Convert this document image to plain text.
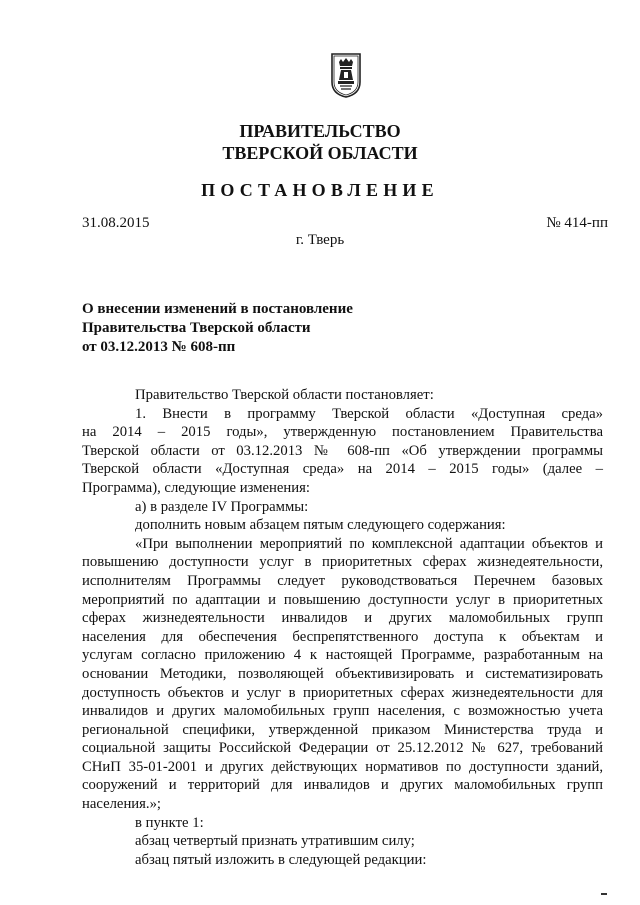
ПРАВИТЕЛЬСТВО
ТВЕРСКОЙ ОБЛАСТИ
ПОСТАНОВЛЕНИЕ
31.08.2015	№ 414-пп
г. Тверь
О внесении изменений в постановление
Правительства Тверской области
от 03.12.2013 № 608-пп
Правительство Тверской области постановляет:
1. Внести в программу Тверской области «Доступная среда»
на 2014 – 2015 годы», утвержденную постановлением Правительства
Тверской области от 03.12.2013 № 608-пп «Об утверждении программы
Тверской области «Доступная среда» на 2014 – 2015 годы» (далее –
Программа), следующие изменения:
а) в разделе IV Программы:
дополнить новым абзацем пятым следующего содержания:
«При выполнении мероприятий по комплексной адаптации объектов и
повышению доступности услуг в приоритетных сферах жизнедеятельности,
исполнителям Программы следует руководствоваться Перечнем базовых
мероприятий по адаптации и повышению доступности услуг в приоритетных
сферах жизнедеятельности инвалидов и других маломобильных групп
населения для обеспечения беспрепятственного доступа к объектам и
услугам согласно приложению 4 к настоящей Программе, разработанным на
основании Методики, позволяющей объективизировать и систематизировать
доступность объектов и услуг в приоритетных сферах жизнедеятельности для
инвалидов и других маломобильных групп населения, с возможностью учета
региональной специфики, утвержденной приказом Министерства труда и
социальной защиты Российской Федерации от 25.12.2012 № 627, требований
СНиП 35-01-2001 и других действующих нормативов по доступности зданий,
сооружений и территорий для инвалидов и других маломобильных групп
населения.»;
в пункте 1:
абзац четвертый признать утратившим силу;
абзац пятый изложить в следующей редакции:
